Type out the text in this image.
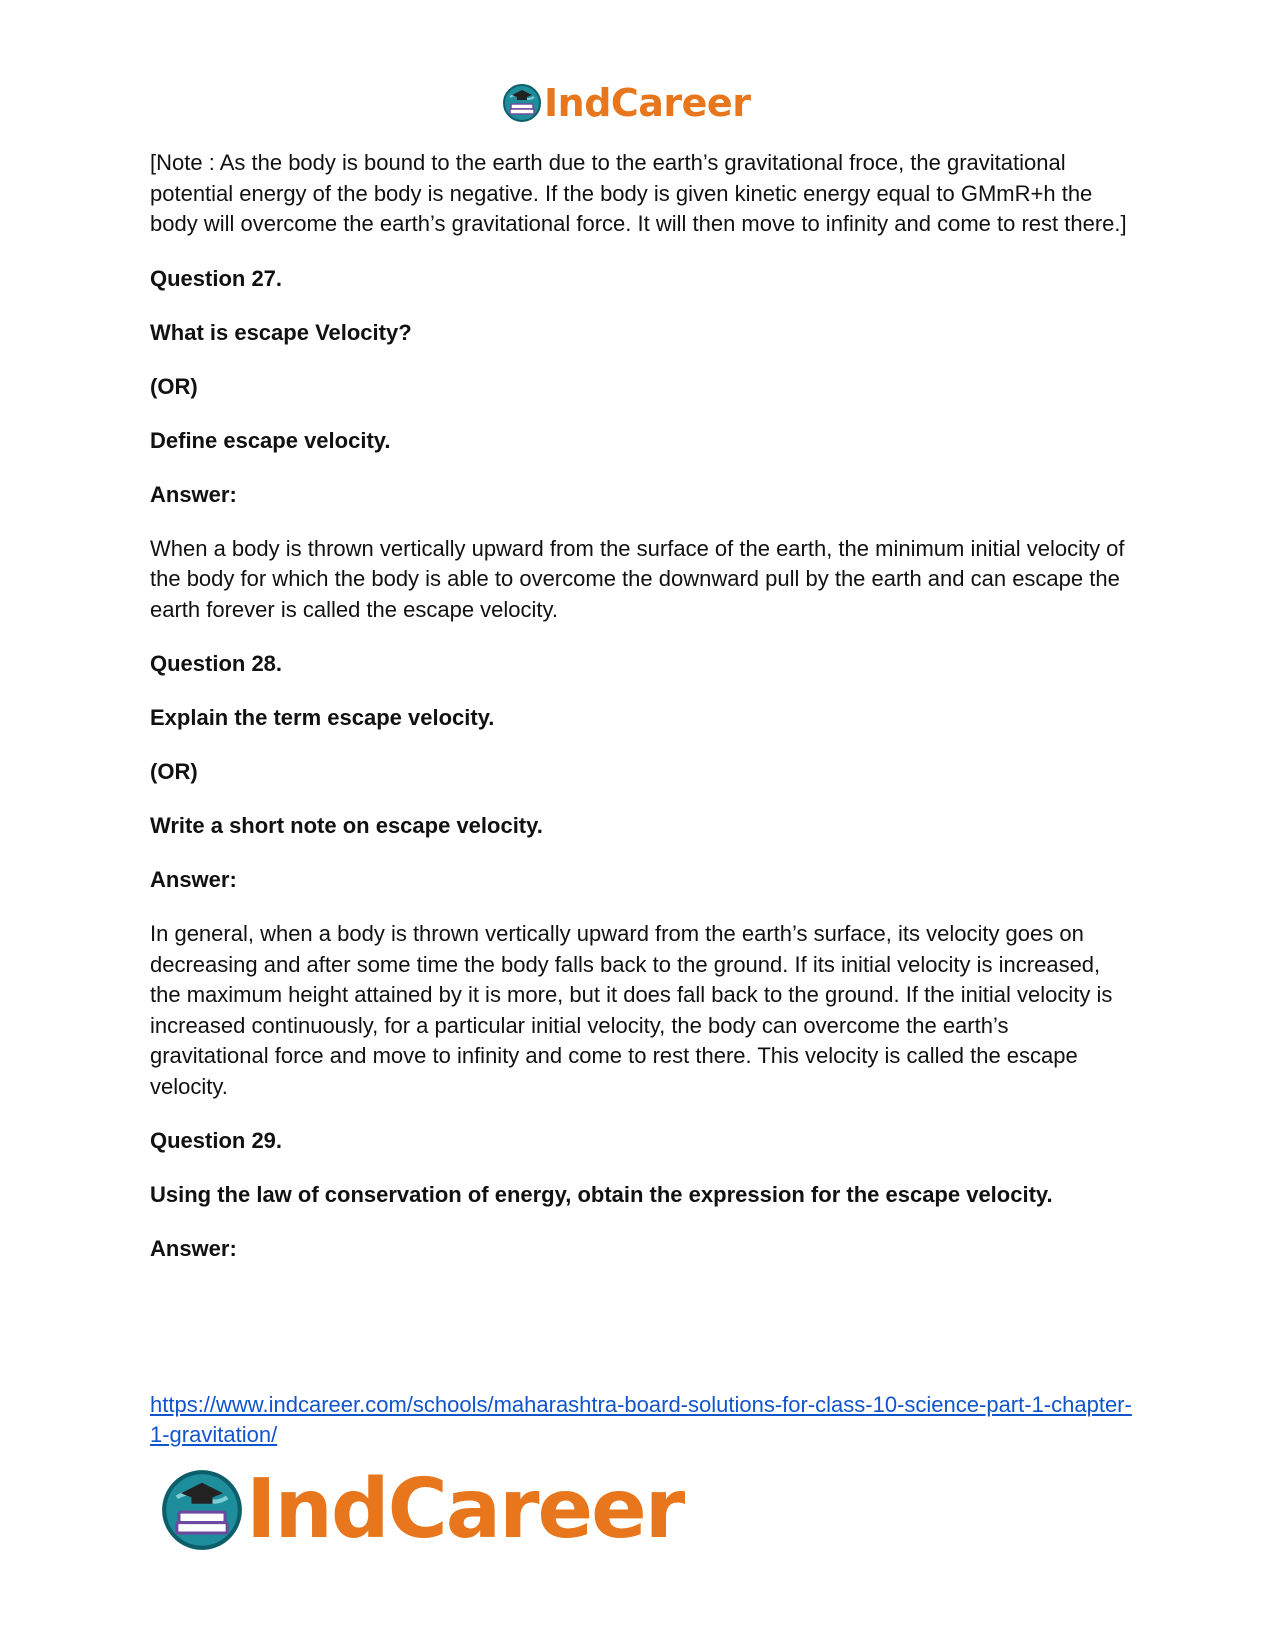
IndCareer

[Note : As the body is bound to the earth due to the earth’s gravitational froce, the gravitational potential energy of the body is negative. If the body is given kinetic energy equal to GMmR+h the body will overcome the earth’s gravitational force. It will then move to infinity and come to rest there.]

Question 27.

What is escape Velocity?

(OR)

Define escape velocity.

Answer:

When a body is thrown vertically upward from the surface of the earth, the minimum initial velocity of the body for which the body is able to overcome the downward pull by the earth and can escape the earth forever is called the escape velocity.

Question 28.

Explain the term escape velocity.

(OR)

Write a short note on escape velocity.

Answer:

In general, when a body is thrown vertically upward from the earth’s surface, its velocity goes on decreasing and after some time the body falls back to the ground. If its initial velocity is increased, the maximum height attained by it is more, but it does fall back to the ground. If the initial velocity is increased continuously, for a particular initial velocity, the body can overcome the earth’s gravitational force and move to infinity and come to rest there. This velocity is called the escape velocity.

Question 29.

Using the law of conservation of energy, obtain the expression for the escape velocity.

Answer:

https://www.indcareer.com/schools/maharashtra-board-solutions-for-class-10-science-part-1-chapter-1-gravitation/
IndCareer
